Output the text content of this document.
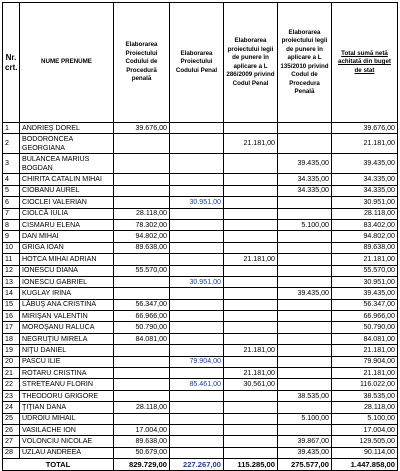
Nr. crt.	NUME PRENUME	Elaborarea Proiectului Codului de Procedură penală	Elaborarea Proiectului Codului Penal	Elaborarea proiectului legii de punere în aplicare a L 286/2009 privind Codul Penal	Elaborarea proiectului legii de punere în aplicare a L 135/2010 privind Codul de Procedura Penală	Total sumă netă achitată din buget de stat
1	ANDRIEŞ DOREL	39.676,00				39.676,00
2	BODORONCEA GEORGIANA			21.181,00		21.181,00
3	BULANCEA MARIUS BOGDAN				39.435,00	39.435,00
4	CHIRITA CATALIN MIHAI				34.335,00	34.335,00
5	CIOBANU AUREL				34.335,00	34.335,00
6	CIOCLEI VALERIAN		30.951,00			30.951,00
7	CIOLCĂ IULIA	28.118,00				28.118,00
8	CISMARU ELENA	78.302,00			5.100,00	83.402,00
9	DAN MIHAI	94.802,00				94.802,00
10	GRIGA IOAN	89.638,00				89.638,00
11	HOTCA MIHAI ADRIAN			21.181,00		21.181,00
12	IONESCU DIANA	55.570,00				55.570,00
13	IONESCU GABRIEL		30.951,00			30.951,00
14	KUGLAY IRINA				39.435,00	39.435,00
15	LĂBUŞ ANA CRISTINA	56.347,00				56.347,00
16	MIRIŞAN VALENTIN	66.966,00				66.966,00
17	MOROŞANU RALUCA	50.790,00				50.790,00
18	NEGRUŢIU MIRELA	84.081,00				84.081,00
19	NIŢU DANIEL			21.181,00		21.181,00
20	PASCU ILIE		79.904,00			79.904,00
21	ROTARU CRISTINA			21.181,00		21.181,00
22	STRETEANU FLORIN		85.461,00	30.561,00		116.022,00
23	THEODORU GRIGORE				38.535,00	38.535,00
24	ŢIŢIAN DANA	28.118,00				28.118,00
25	UDROIU MIHAIL				5.100,00	5.100,00
26	VASILACHE ION	17.004,00				17.004,00
27	VOLONCIU NICOLAE	89.638,00			39.867,00	129.505,00
28	UZLAU ANDREEA	50.679,00			39.435,00	90.114,00
TOTAL		829.729,00	227.267,00	115.285,00	275.577,00	1.447.858,00
